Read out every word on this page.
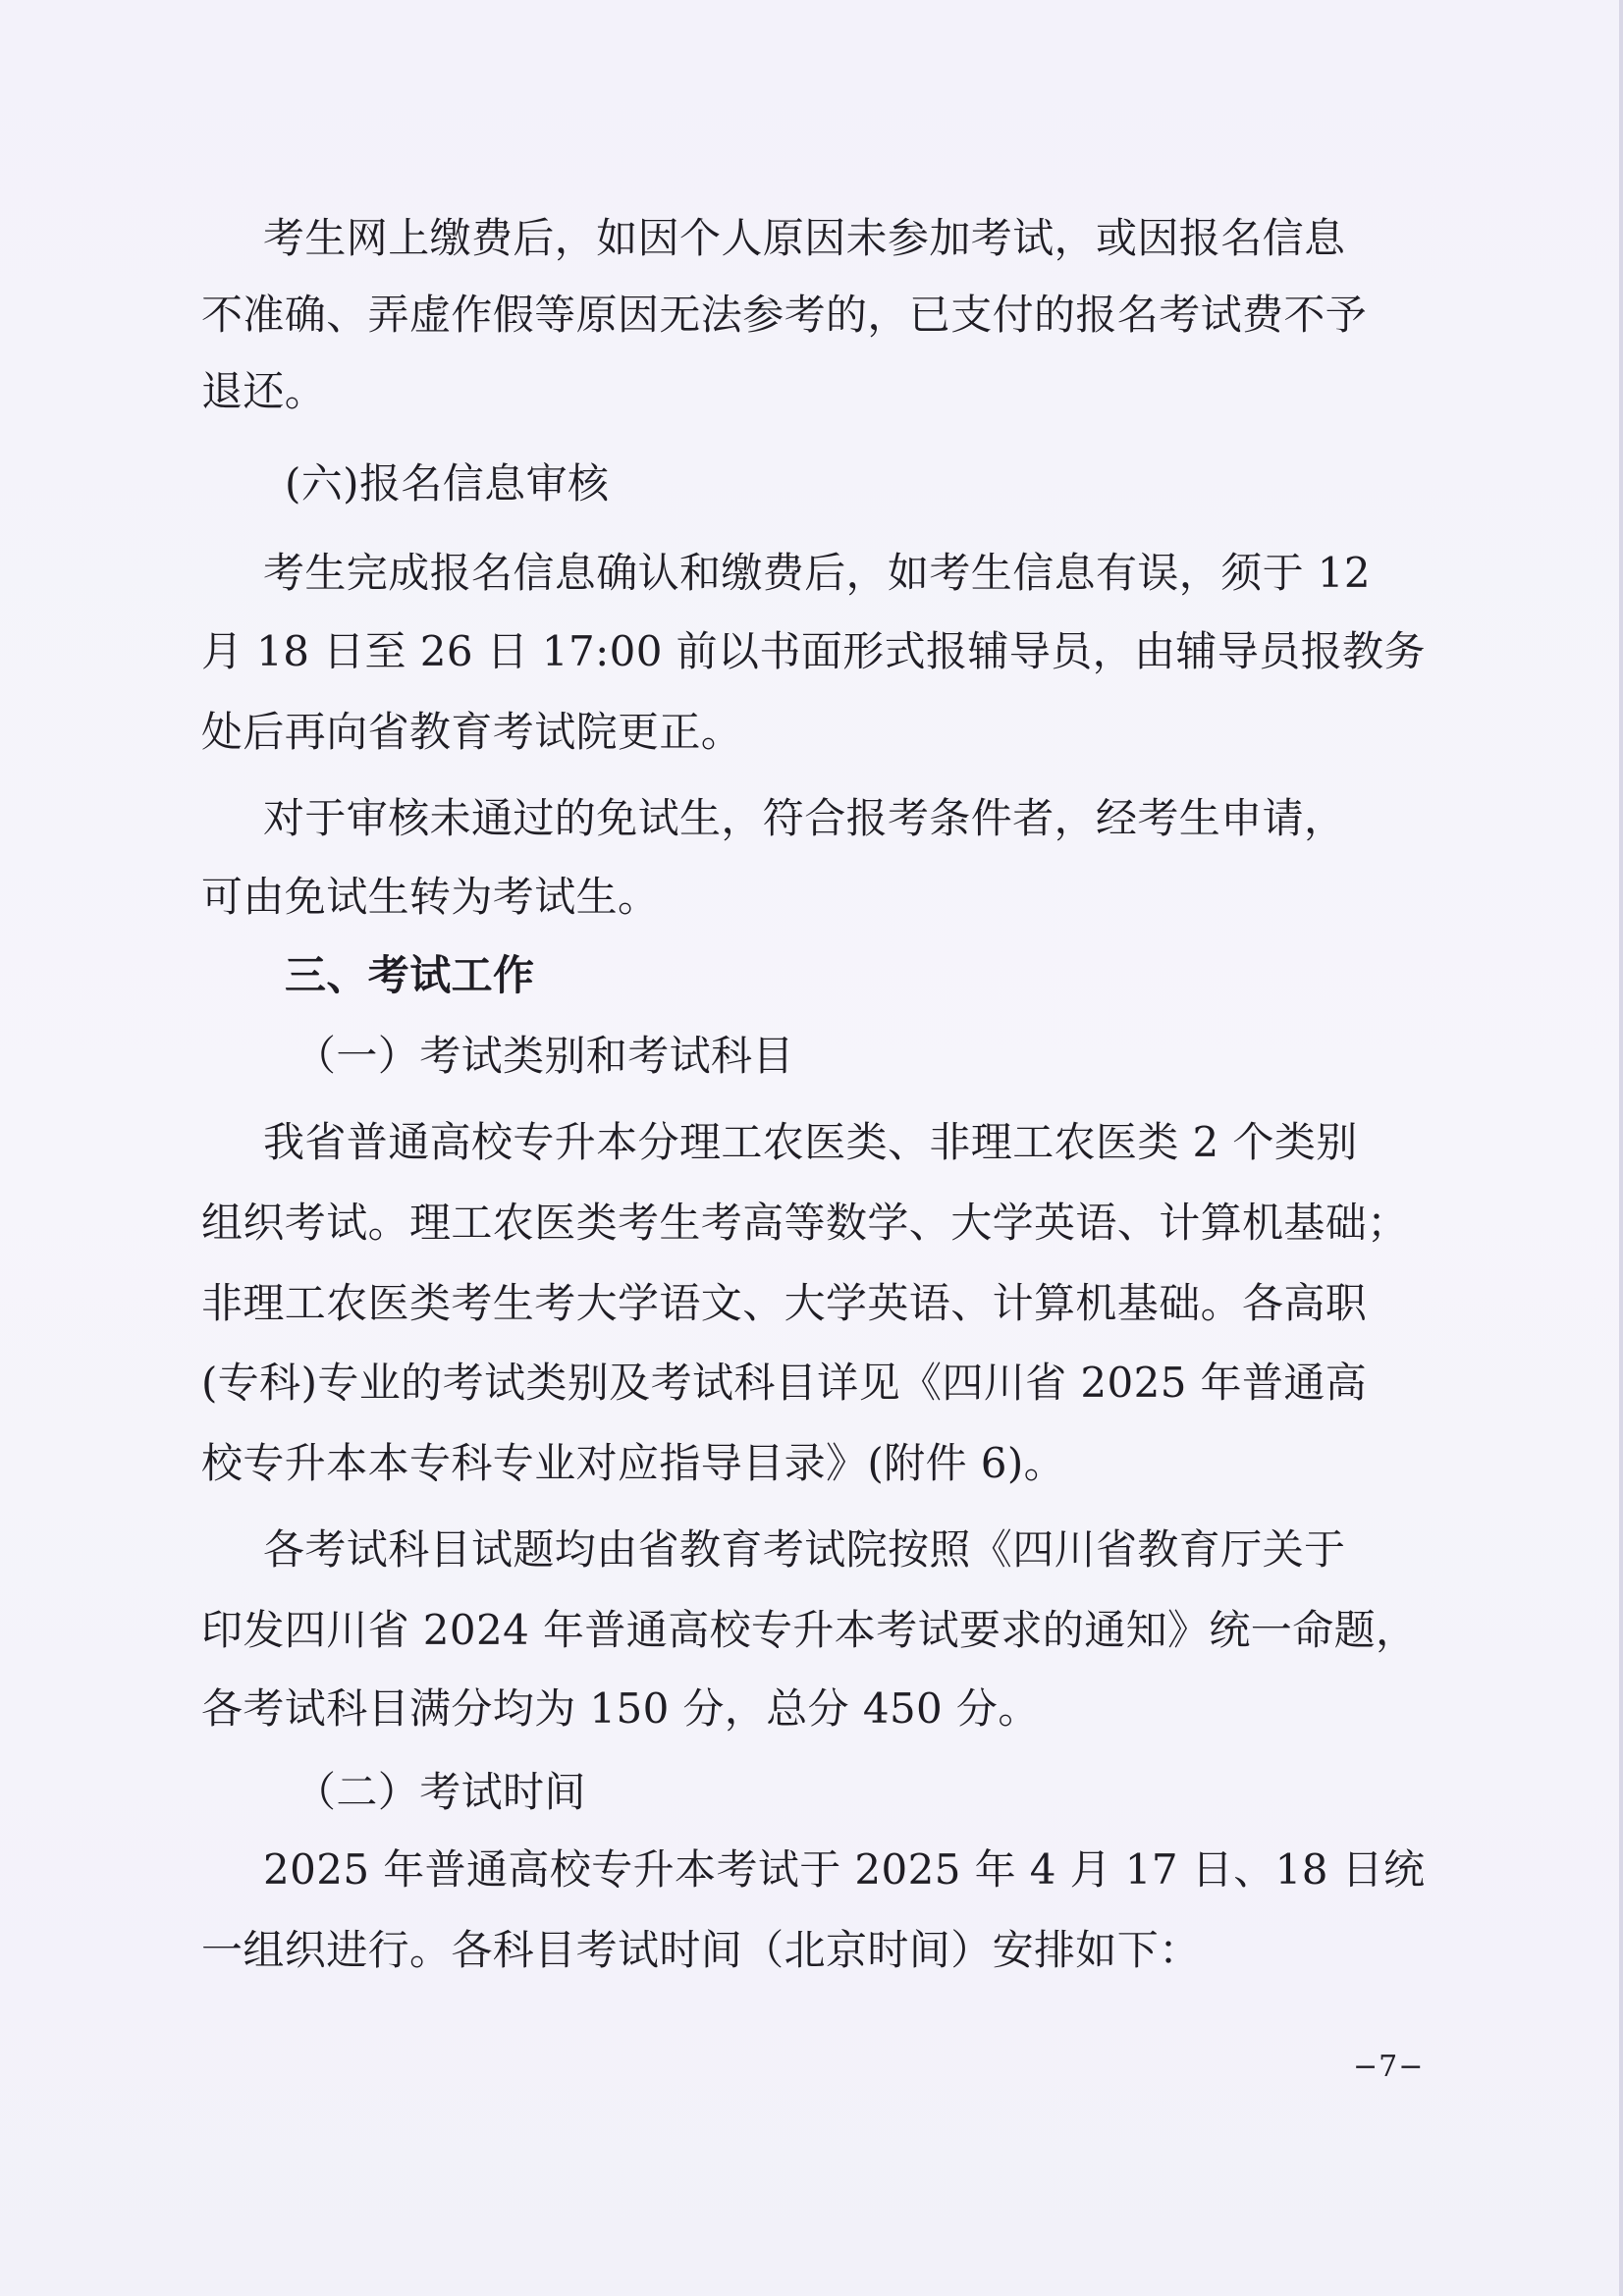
考生网上缴费后，如因个人原因未参加考试，或因报名信息
不准确、弄虚作假等原因无法参考的，已支付的报名考试费不予
退还。
(六)报名信息审核
考生完成报名信息确认和缴费后，如考生信息有误，须于 12
月 18 日至 26 日 17:00 前以书面形式报辅导员，由辅导员报教务
处后再向省教育考试院更正。
对于审核未通过的免试生，符合报考条件者，经考生申请，
可由免试生转为考试生。
三、考试工作
（一）考试类别和考试科目
我省普通高校专升本分理工农医类、非理工农医类 2 个类别
组织考试。理工农医类考生考高等数学、大学英语、计算机基础；
非理工农医类考生考大学语文、大学英语、计算机基础。各高职
(专科)专业的考试类别及考试科目详见《四川省 2025 年普通高
校专升本本专科专业对应指导目录》(附件 6)。
各考试科目试题均由省教育考试院按照《四川省教育厅关于
印发四川省 2024 年普通高校专升本考试要求的通知》统一命题，
各考试科目满分均为 150 分，总分 450 分。
（二）考试时间
2025 年普通高校专升本考试于 2025 年 4 月 17 日、18 日统
一组织进行。各科目考试时间（北京时间）安排如下：
−7−
